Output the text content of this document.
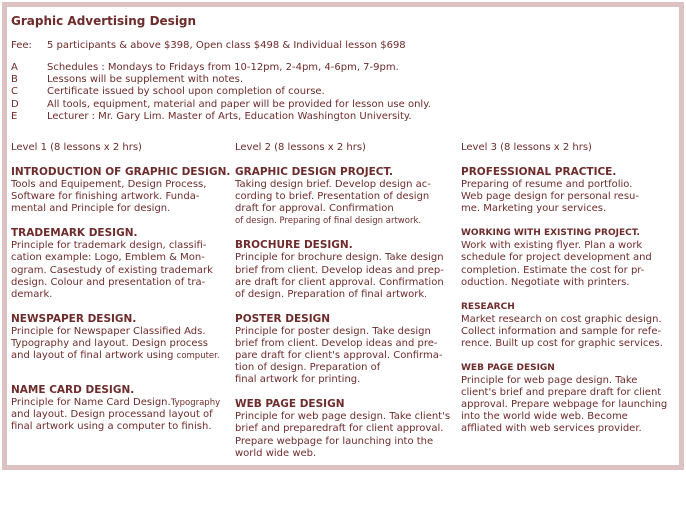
Graphic Advertising Design
Fee: 5 participants & above $398, Open class $498 & Individual lesson $698
A	Schedules : Mondays to Fridays from 10-12pm, 2-4pm, 4-6pm, 7-9pm.
B	Lessons will be supplement with notes.
C	Certificate issued by school upon completion of course.
D	All tools, equipment, material and paper will be provided for lesson use only.
E	Lecturer : Mr. Gary Lim. Master of Arts, Education Washington University.
Level 1 (8 lessons x 2 hrs)
INTRODUCTION OF GRAPHIC DESIGN.
Tools and Equipement, Design Process,
Software for finishing artwork. Funda-
mental and Principle for design.
TRADEMARK DESIGN.
Principle for trademark design, classifi-
cation example: Logo, Emblem & Mon-
ogram. Casestudy of existing trademark
design. Colour and presentation of tra-
demark.
NEWSPAPER DESIGN.
Principle for Newspaper Classified Ads.
Typography and layout. Design process
and layout of final artwork using computer.
NAME CARD DESIGN.
Principle for Name Card Design.Typography
and layout. Design processand layout of
final artwork using a computer to finish.
Level 2 (8 lessons x 2 hrs)
GRAPHIC DESIGN PROJECT.
Taking design brief. Develop design ac-
cording to brief. Presentation of design
draft for approval. Confirmation
of design. Preparing of final design artwork.
BROCHURE DESIGN.
Principle for brochure design. Take design
brief from client. Develop ideas and prep-
are draft for client approval. Confirmation
of design. Preparation of final artwork.
POSTER DESIGN
Principle for poster design. Take design
brief from client. Develop ideas and pre-
pare draft for client's approval. Confirma-
tion of design. Preparation of
final artwork for printing.
WEB PAGE DESIGN
Principle for web page design. Take client's
brief and preparedraft for client approval.
Prepare webpage for launching into the
world wide web.
Level 3 (8 lessons x 2 hrs)
PROFESSIONAL PRACTICE.
Preparing of resume and portfolio.
Web page design for personal resu-
me. Marketing your services.
WORKING WITH EXISTING PROJECT.
Work with existing flyer. Plan a work
schedule for project development and
completion. Estimate the cost for pr-
oduction. Negotiate with printers.
RESEARCH
Market research on cost graphic design.
Collect information and sample for refe-
rence. Built up cost for graphic services.
WEB PAGE DESIGN
Principle for web page design. Take
client's brief and prepare draft for client
approval. Prepare webpage for launching
into the world wide web. Become
affliated with web services provider.
